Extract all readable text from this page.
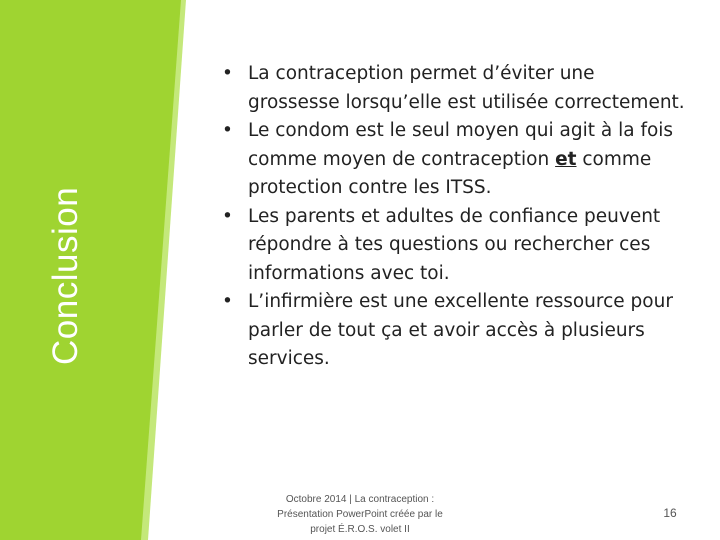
Conclusion
• La contraception permet d’éviter une grossesse lorsqu’elle est utilisée correctement.
• Le condom est le seul moyen qui agit à la fois comme moyen de contraception et comme protection contre les ITSS.
• Les parents et adultes de confiance peuvent répondre à tes questions ou rechercher ces informations avec toi.
• L’infirmière est une excellente ressource pour parler de tout ça et avoir accès à plusieurs services.
Octobre 2014 | La contraception :
Présentation PowerPoint créée par le
projet É.R.O.S. volet II
16
